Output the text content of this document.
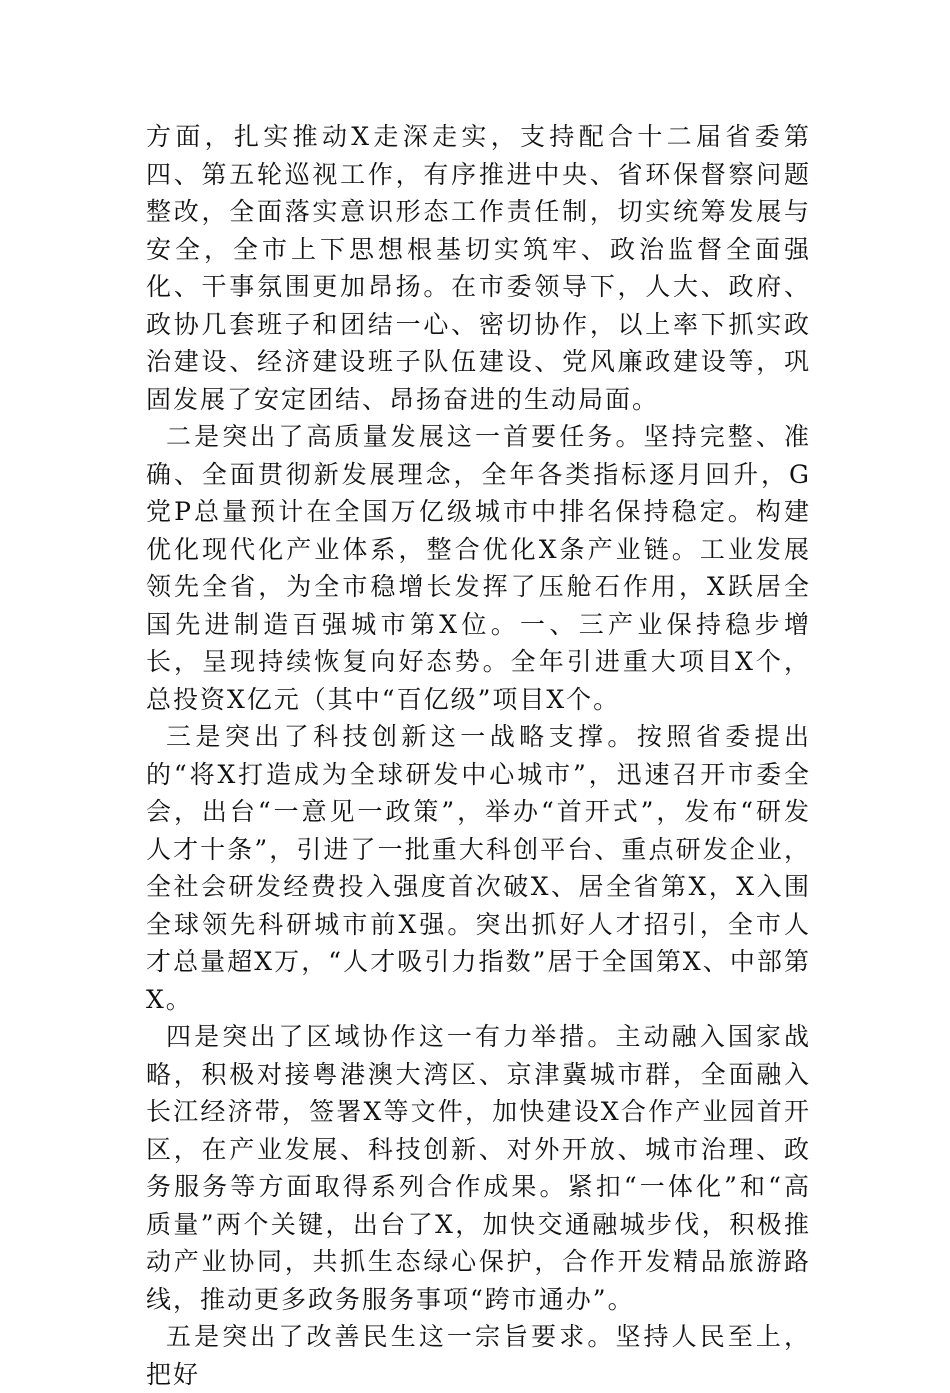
方面，扎实推动X走深走实，支持配合十二届省委第四、第五轮巡视工作，有序推进中央、省环保督察问题整改，全面落实意识形态工作责任制，切实统筹发展与安全，全市上下思想根基切实筑牢、政治监督全面强化、干事氛围更加昂扬。在市委领导下，人大、政府、政协几套班子和团结一心、密切协作，以上率下抓实政治建设、经济建设班子队伍建设、党风廉政建设等，巩固发展了安定团结、昂扬奋进的生动局面。

二是突出了高质量发展这一首要任务。坚持完整、准确、全面贯彻新发展理念，全年各类指标逐月回升，G党P总量预计在全国万亿级城市中排名保持稳定。构建优化现代化产业体系，整合优化X条产业链。工业发展领先全省，为全市稳增长发挥了压舱石作用，X跃居全国先进制造百强城市第X位。一、三产业保持稳步增长，呈现持续恢复向好态势。全年引进重大项目X个，总投资X亿元（其中“百亿级”项目X个。

三是突出了科技创新这一战略支撑。按照省委提出的“将X打造成为全球研发中心城市”，迅速召开市委全会，出台“一意见一政策”，举办“首开式”，发布“研发人才十条”，引进了一批重大科创平台、重点研发企业，全社会研发经费投入强度首次破X、居全省第X，X入围全球领先科研城市前X强。突出抓好人才招引，全市人才总量超X万，“人才吸引力指数”居于全国第X、中部第X。

四是突出了区域协作这一有力举措。主动融入国家战略，积极对接粤港澳大湾区、京津冀城市群，全面融入长江经济带，签署X等文件，加快建设X合作产业园首开区，在产业发展、科技创新、对外开放、城市治理、政务服务等方面取得系列合作成果。紧扣“一体化”和“高质量”两个关键，出台了X，加快交通融城步伐，积极推动产业协同，共抓生态绿心保护，合作开发精品旅游路线，推动更多政务服务事项“跨市通办”。

五是突出了改善民生这一宗旨要求。坚持人民至上，把好
